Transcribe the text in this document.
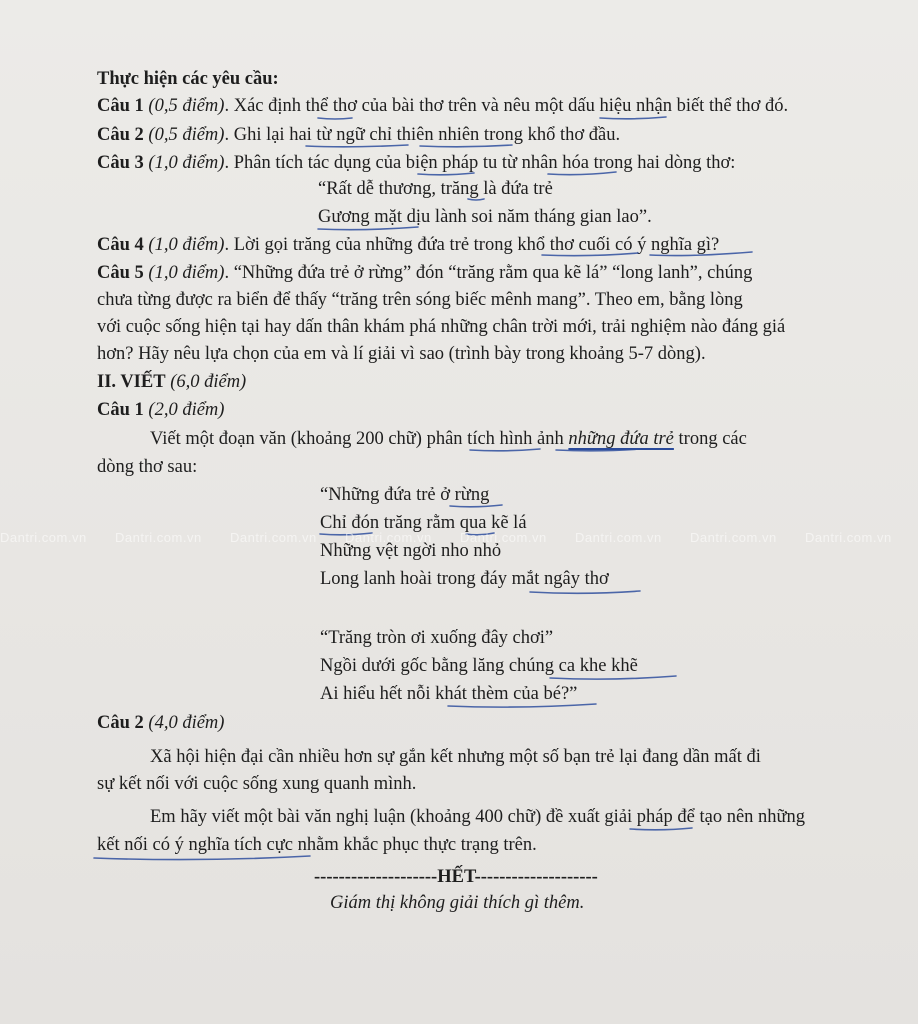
Thực hiện các yêu cầu:
Câu 1 (0,5 điểm). Xác định thể thơ của bài thơ trên và nêu một dấu hiệu nhận biết thể thơ đó.
Câu 2 (0,5 điểm). Ghi lại hai từ ngữ chỉ thiên nhiên trong khổ thơ đầu.
Câu 3 (1,0 điểm). Phân tích tác dụng của biện pháp tu từ nhân hóa trong hai dòng thơ:
“Rất dễ thương, trăng là đứa trẻ
Gương mặt dịu lành soi năm tháng gian lao”.
Câu 4 (1,0 điểm). Lời gọi trăng của những đứa trẻ trong khổ thơ cuối có ý nghĩa gì?
Câu 5 (1,0 điểm). “Những đứa trẻ ở rừng” đón “trăng rằm qua kẽ lá” “long lanh”, chúng
chưa từng được ra biển để thấy “trăng trên sóng biếc mênh mang”. Theo em, bằng lòng
với cuộc sống hiện tại hay dấn thân khám phá những chân trời mới, trải nghiệm nào đáng giá
hơn? Hãy nêu lựa chọn của em và lí giải vì sao (trình bày trong khoảng 5-7 dòng).
II. VIẾT (6,0 điểm)
Câu 1 (2,0 điểm)
Viết một đoạn văn (khoảng 200 chữ) phân tích hình ảnh những đứa trẻ trong các
dòng thơ sau:
“Những đứa trẻ ở rừng
Chỉ đón trăng rằm qua kẽ lá
Những vệt ngời nho nhỏ
Long lanh hoài trong đáy mắt ngây thơ
“Trăng tròn ơi xuống đây chơi”
Ngồi dưới gốc bằng lăng chúng ca khe khẽ
Ai hiểu hết nỗi khát thèm của bé?”
Câu 2 (4,0 điểm)
Xã hội hiện đại cần nhiều hơn sự gắn kết nhưng một số bạn trẻ lại đang dần mất đi
sự kết nối với cuộc sống xung quanh mình.
Em hãy viết một bài văn nghị luận (khoảng 400 chữ) đề xuất giải pháp để tạo nên những
kết nối có ý nghĩa tích cực nhằm khắc phục thực trạng trên.
--------------------HẾT--------------------
Giám thị không giải thích gì thêm.
Dantri.com.vn Dantri.com.vn Dantri.com.vn Dantri.com.vn Dantri.com.vn Dantri.com.vn Dantri.com.vn Dantri.com.vn
